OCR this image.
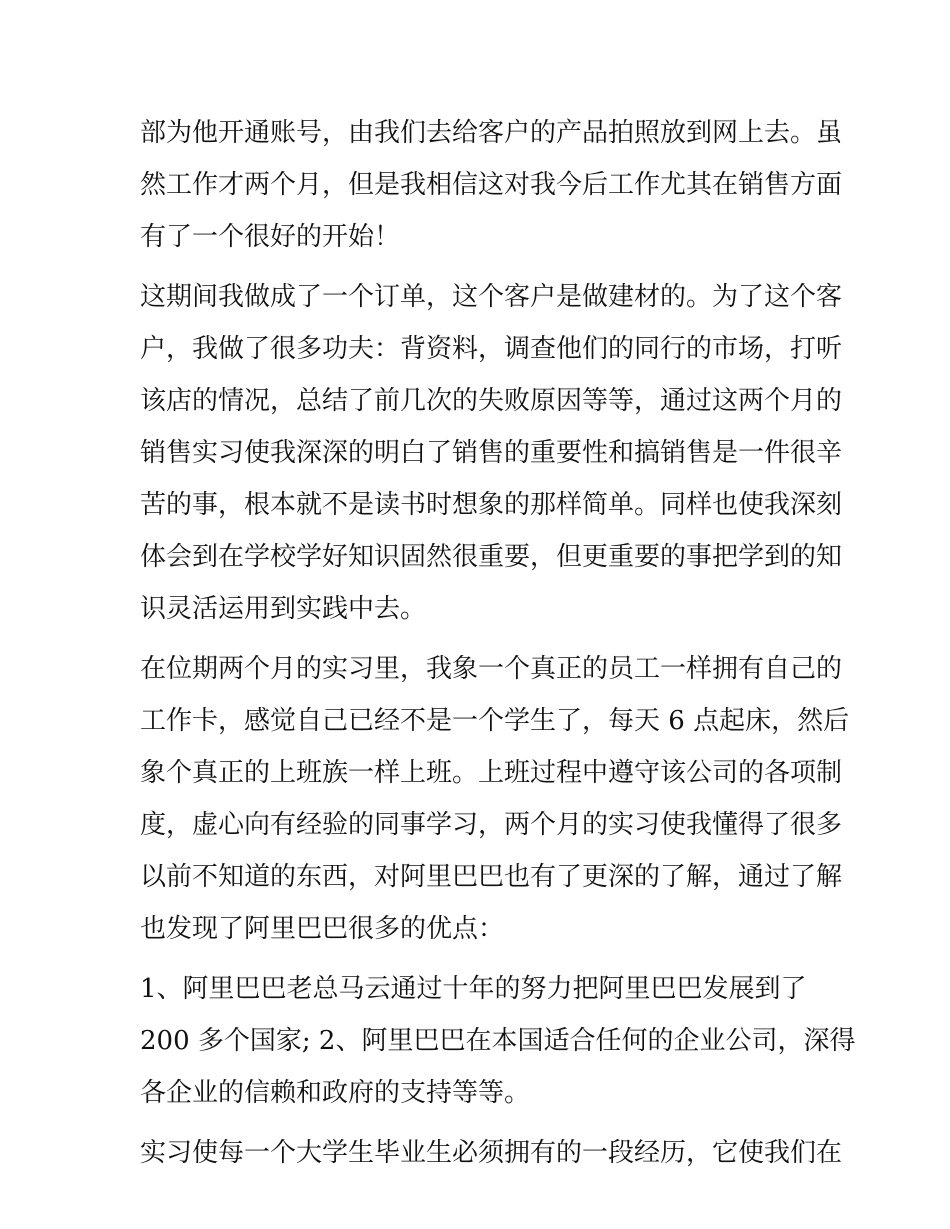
部为他开通账号，由我们去给客户的产品拍照放到网上去。虽
然工作才两个月，但是我相信这对我今后工作尤其在销售方面
有了一个很好的开始！
这期间我做成了一个订单，这个客户是做建材的。为了这个客
户，我做了很多功夫：背资料，调查他们的同行的市场，打听
该店的情况，总结了前几次的失败原因等等，通过这两个月的
销售实习使我深深的明白了销售的重要性和搞销售是一件很辛
苦的事，根本就不是读书时想象的那样简单。同样也使我深刻
体会到在学校学好知识固然很重要，但更重要的事把学到的知
识灵活运用到实践中去。
在位期两个月的实习里，我象一个真正的员工一样拥有自己的
工作卡，感觉自己已经不是一个学生了，每天 6 点起床，然后
象个真正的上班族一样上班。上班过程中遵守该公司的各项制
度，虚心向有经验的同事学习，两个月的实习使我懂得了很多
以前不知道的东西，对阿里巴巴也有了更深的了解，通过了解
也发现了阿里巴巴很多的优点：
1、阿里巴巴老总马云通过十年的努力把阿里巴巴发展到了
200 多个国家; 2、阿里巴巴在本国适合任何的企业公司，深得
各企业的信赖和政府的支持等等。
实习使每一个大学生毕业生必须拥有的一段经历，它使我们在
